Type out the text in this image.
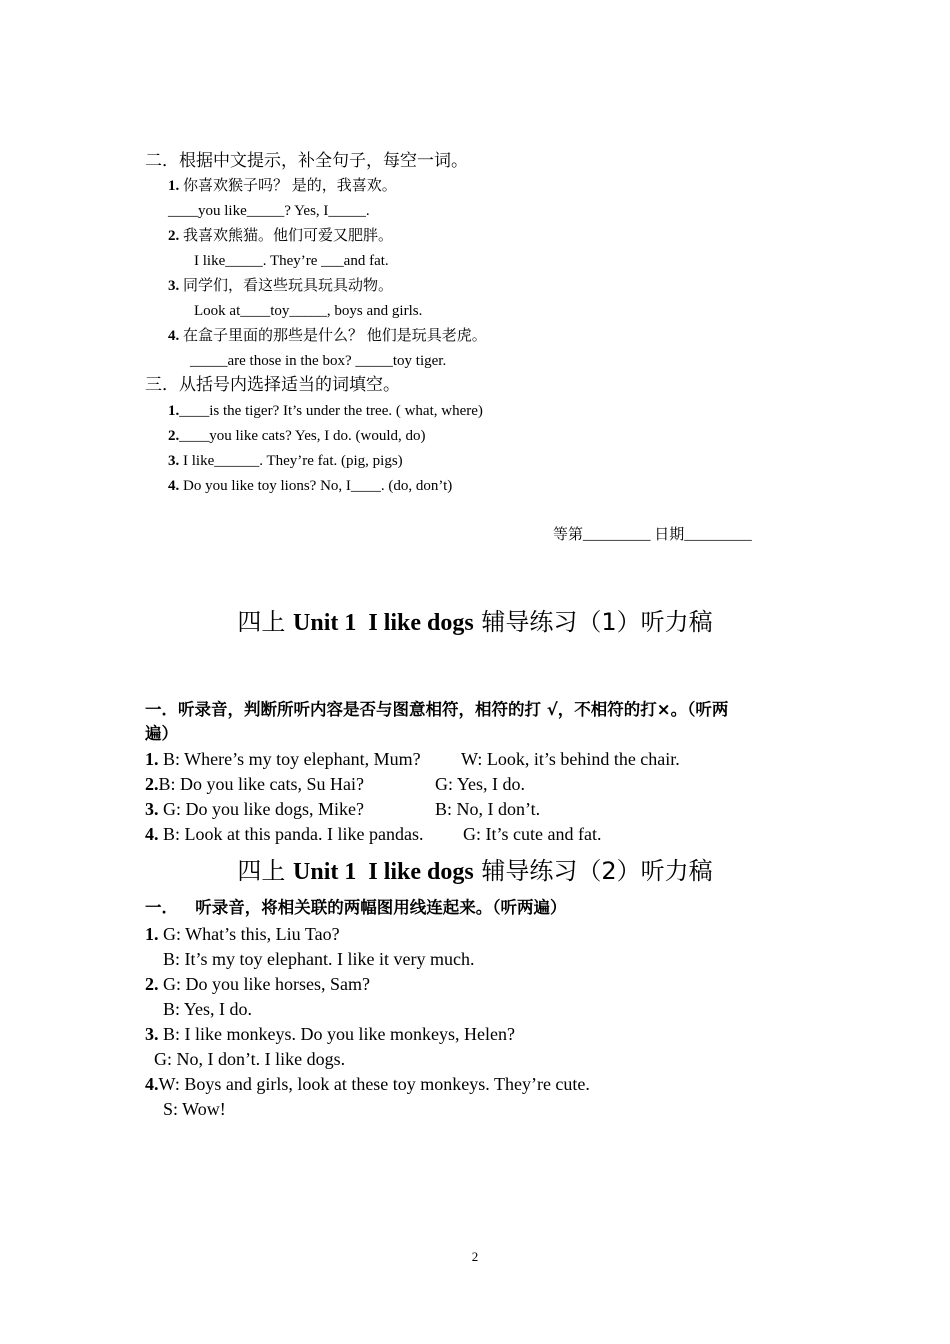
二．根据中文提示，补全句子，每空一词。
1. 你喜欢猴子吗？ 是的，我喜欢。
____you like_____? Yes, I_____.
2. 我喜欢熊猫。他们可爱又肥胖。
I like_____. They’re ___and fat.
3. 同学们，看这些玩具玩具动物。
Look at____toy_____, boys and girls.
4. 在盒子里面的那些是什么？ 他们是玩具老虎。
_____are those in the box? _____toy tiger.
三．从括号内选择适当的词填空。
1.____is the tiger? It’s under the tree. ( what, where)
2.____you like cats? Yes, I do. (would, do)
3. I like______. They’re fat. (pig, pigs)
4. Do you like toy lions? No, I____. (do, don’t)
等第_________ 日期_________
四上 Unit 1  I like dogs 辅导练习（1）听力稿
一．听录音，判断所听内容是否与图意相符，相符的打 √，不相符的打×。（听两
遍）
1. B: Where’s my toy elephant, Mum? W: Look, it’s behind the chair.
2.B: Do you like cats, Su Hai?	G: Yes, I do.
3. G: Do you like dogs, Mike?	B: No, I don’t.
4. B: Look at this panda. I like pandas. G: It’s cute and fat.
四上 Unit 1  I like dogs 辅导练习（2）听力稿
一．   听录音，将相关联的两幅图用线连起来。（听两遍）
1. G: What’s this, Liu Tao?
B: It’s my toy elephant. I like it very much.
2. G: Do you like horses, Sam?
B: Yes, I do.
3. B: I like monkeys. Do you like monkeys, Helen?
G: No, I don’t. I like dogs.
4.W: Boys and girls, look at these toy monkeys. They’re cute.
S: Wow!
2
